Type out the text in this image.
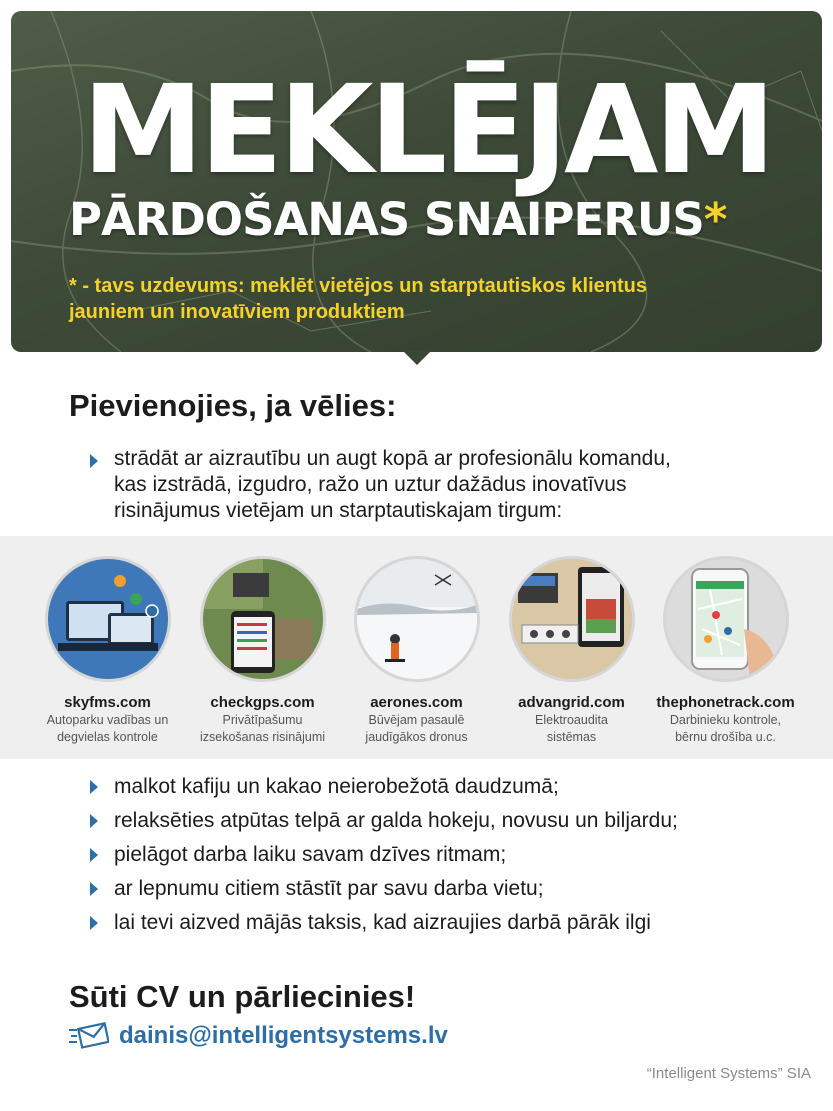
MEKLĒJAM
PĀRDOŠANAS SNAIPERUS*
* - tavs uzdevums: meklēt vietējos un starptautiskos klientus
jauniem un inovatīviem produktiem
Pievienojies, ja vēlies:
strādāt ar aizrautību un augt kopā ar profesionālu komandu,
kas izstrādā, izgudro, ražo un uztur dažādus inovatīvus
risinājumus vietējam un starptautiskajam tirgum:
skyfms.com
Autoparku vadības un
degvielas kontrole
checkgps.com
Privātīpašumu
izsekošanas risinājumi
aerones.com
Būvējam pasaulē
jaudīgākos dronus
advangrid.com
Elektroaudita
sistēmas
thephonetrack.com
Darbinieku kontrole,
bērnu drošība u.c.
malkot kafiju un kakao neierobežotā daudzumā;
relaksēties atpūtas telpā ar galda hokeju, novusu un biljardu;
pielāgot darba laiku savam dzīves ritmam;
ar lepnumu citiem stāstīt par savu darba vietu;
lai tevi aizved mājās taksis, kad aizraujies darbā pārāk ilgi
Sūti CV un pārliecinies!
dainis@intelligentsystems.lv
“Intelligent Systems” SIA
